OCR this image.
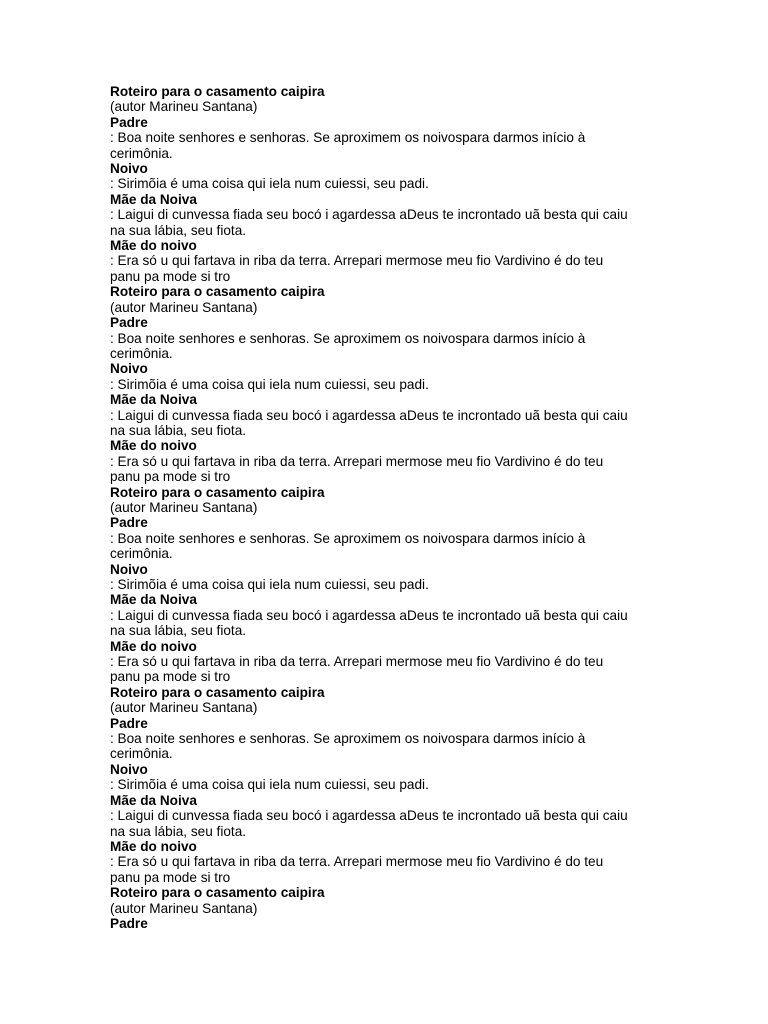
Roteiro para o casamento caipira

(autor Marineu Santana)

Padre

: Boa noite senhores e senhoras. Se aproximem os noivospara darmos início à

cerimônia.

Noivo

: Sirimõia é uma coisa qui iela num cuiessi, seu padi.

Mãe da Noiva

: Laigui di cunvessa fiada seu bocó i agardessa aDeus te incrontado uã besta qui caiu

na sua lábia, seu fiota.

Mãe do noivo

: Era só u qui fartava in riba da terra. Arrepari mermose meu fio Vardivino é do teu

panu pa mode si tro

Roteiro para o casamento caipira

(autor Marineu Santana)

Padre

: Boa noite senhores e senhoras. Se aproximem os noivospara darmos início à

cerimônia.

Noivo

: Sirimõia é uma coisa qui iela num cuiessi, seu padi.

Mãe da Noiva

: Laigui di cunvessa fiada seu bocó i agardessa aDeus te incrontado uã besta qui caiu

na sua lábia, seu fiota.

Mãe do noivo

: Era só u qui fartava in riba da terra. Arrepari mermose meu fio Vardivino é do teu

panu pa mode si tro

Roteiro para o casamento caipira

(autor Marineu Santana)

Padre

: Boa noite senhores e senhoras. Se aproximem os noivospara darmos início à

cerimônia.

Noivo

: Sirimõia é uma coisa qui iela num cuiessi, seu padi.

Mãe da Noiva

: Laigui di cunvessa fiada seu bocó i agardessa aDeus te incrontado uã besta qui caiu

na sua lábia, seu fiota.

Mãe do noivo

: Era só u qui fartava in riba da terra. Arrepari mermose meu fio Vardivino é do teu

panu pa mode si tro

Roteiro para o casamento caipira

(autor Marineu Santana)

Padre

: Boa noite senhores e senhoras. Se aproximem os noivospara darmos início à

cerimônia.

Noivo

: Sirimõia é uma coisa qui iela num cuiessi, seu padi.

Mãe da Noiva

: Laigui di cunvessa fiada seu bocó i agardessa aDeus te incrontado uã besta qui caiu

na sua lábia, seu fiota.

Mãe do noivo

: Era só u qui fartava in riba da terra. Arrepari mermose meu fio Vardivino é do teu

panu pa mode si tro

Roteiro para o casamento caipira

(autor Marineu Santana)

Padre
